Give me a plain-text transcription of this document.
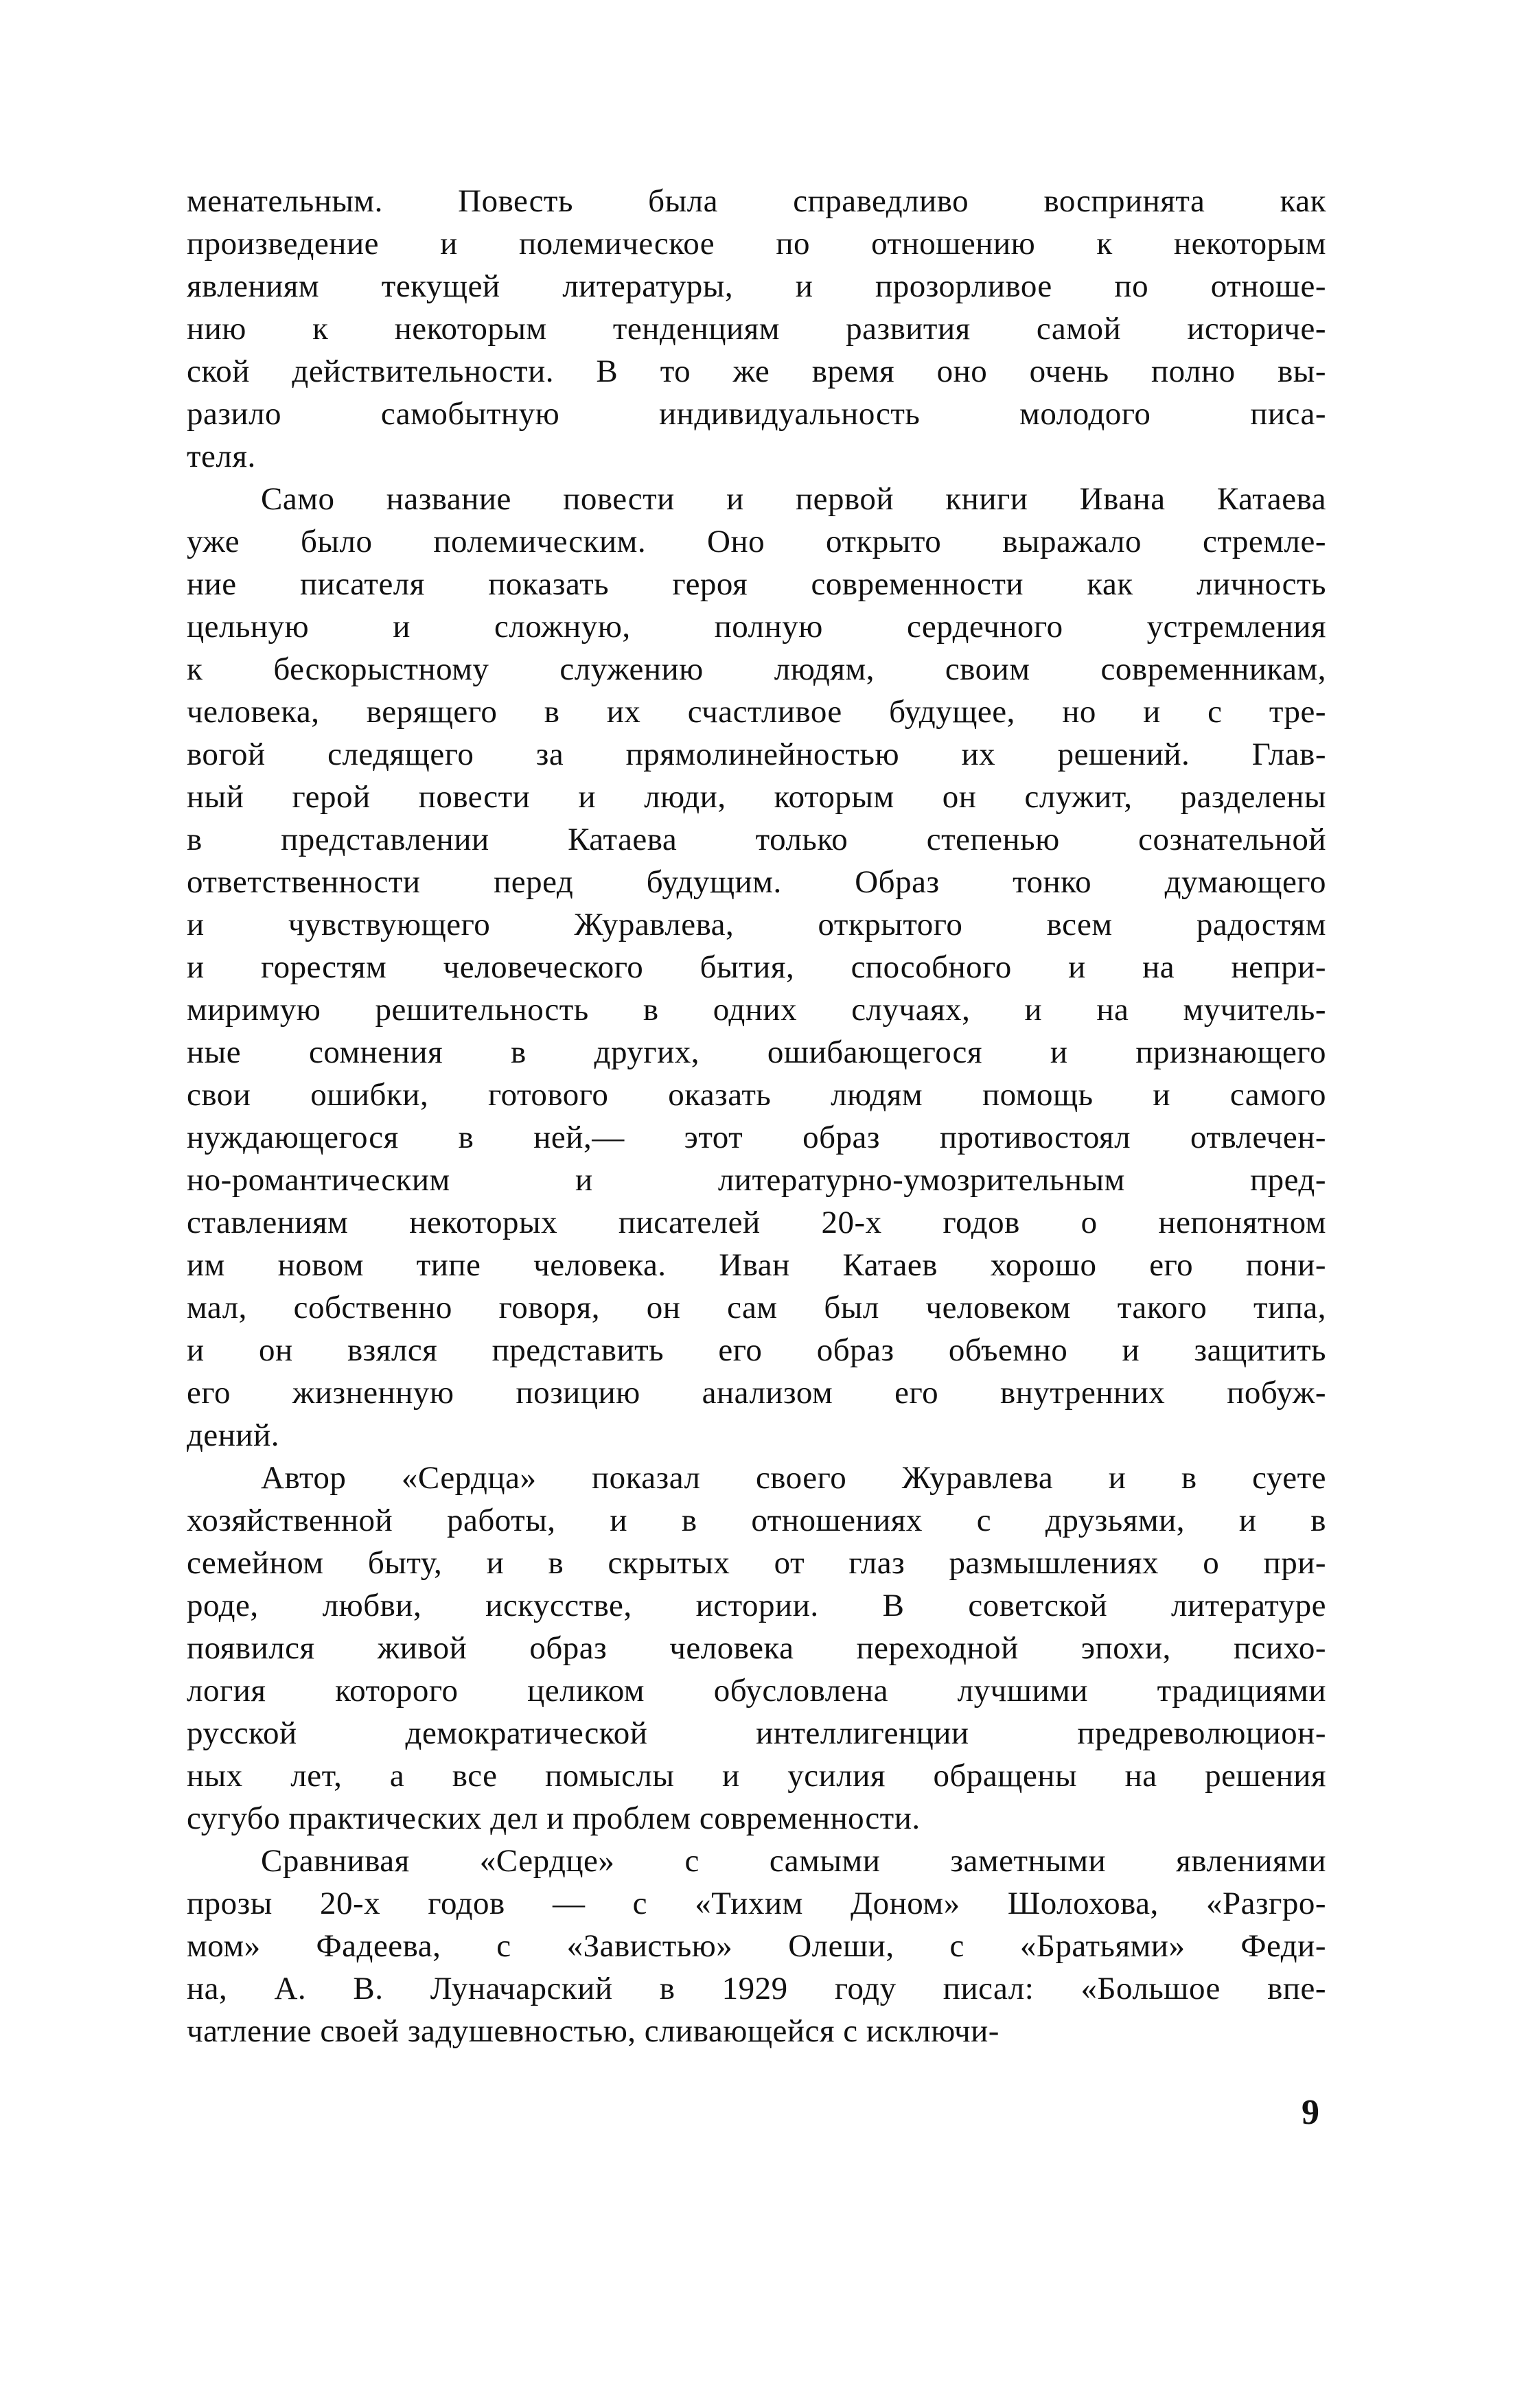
менательным. Повесть была справедливо воспринята как
произведение и полемическое по отношению к некоторым
явлениям текущей литературы, и прозорливое по отноше-
нию к некоторым тенденциям развития самой историче-
ской действительности. В то же время оно очень полно вы-
разило самобытную индивидуальность молодого писа-
теля.
Само название повести и первой книги Ивана Катаева
уже было полемическим. Оно открыто выражало стремле-
ние писателя показать героя современности как личность
цельную и сложную, полную сердечного устремления
к бескорыстному служению людям, своим современникам,
человека, верящего в их счастливое будущее, но и с тре-
вогой следящего за прямолинейностью их решений. Глав-
ный герой повести и люди, которым он служит, разделены
в представлении Катаева только степенью сознательной
ответственности перед будущим. Образ тонко думающего
и чувствующего Журавлева, открытого всем радостям
и горестям человеческого бытия, способного и на непри-
миримую решительность в одних случаях, и на мучитель-
ные сомнения в других, ошибающегося и признающего
свои ошибки, готового оказать людям помощь и самого
нуждающегося в ней,— этот образ противостоял отвлечен-
но-романтическим и литературно-умозрительным пред-
ставлениям некоторых писателей 20-х годов о непонятном
им новом типе человека. Иван Катаев хорошо его пони-
мал, собственно говоря, он сам был человеком такого типа,
и он взялся представить его образ объемно и защитить
его жизненную позицию анализом его внутренних побуж-
дений.
Автор «Сердца» показал своего Журавлева и в суете
хозяйственной работы, и в отношениях с друзьями, и в
семейном быту, и в скрытых от глаз размышлениях о при-
роде, любви, искусстве, истории. В советской литературе
появился живой образ человека переходной эпохи, психо-
логия которого целиком обусловлена лучшими традициями
русской демократической интеллигенции предреволюцион-
ных лет, а все помыслы и усилия обращены на решения
сугубо практических дел и проблем современности.
Сравнивая «Сердце» с самыми заметными явлениями
прозы 20-х годов — с «Тихим Доном» Шолохова, «Разгро-
мом» Фадеева, с «Завистью» Олеши, с «Братьями» Феди-
на, А. В. Луначарский в 1929 году писал: «Большое впе-
чатление своей задушевностью, сливающейся с исключи-
9
